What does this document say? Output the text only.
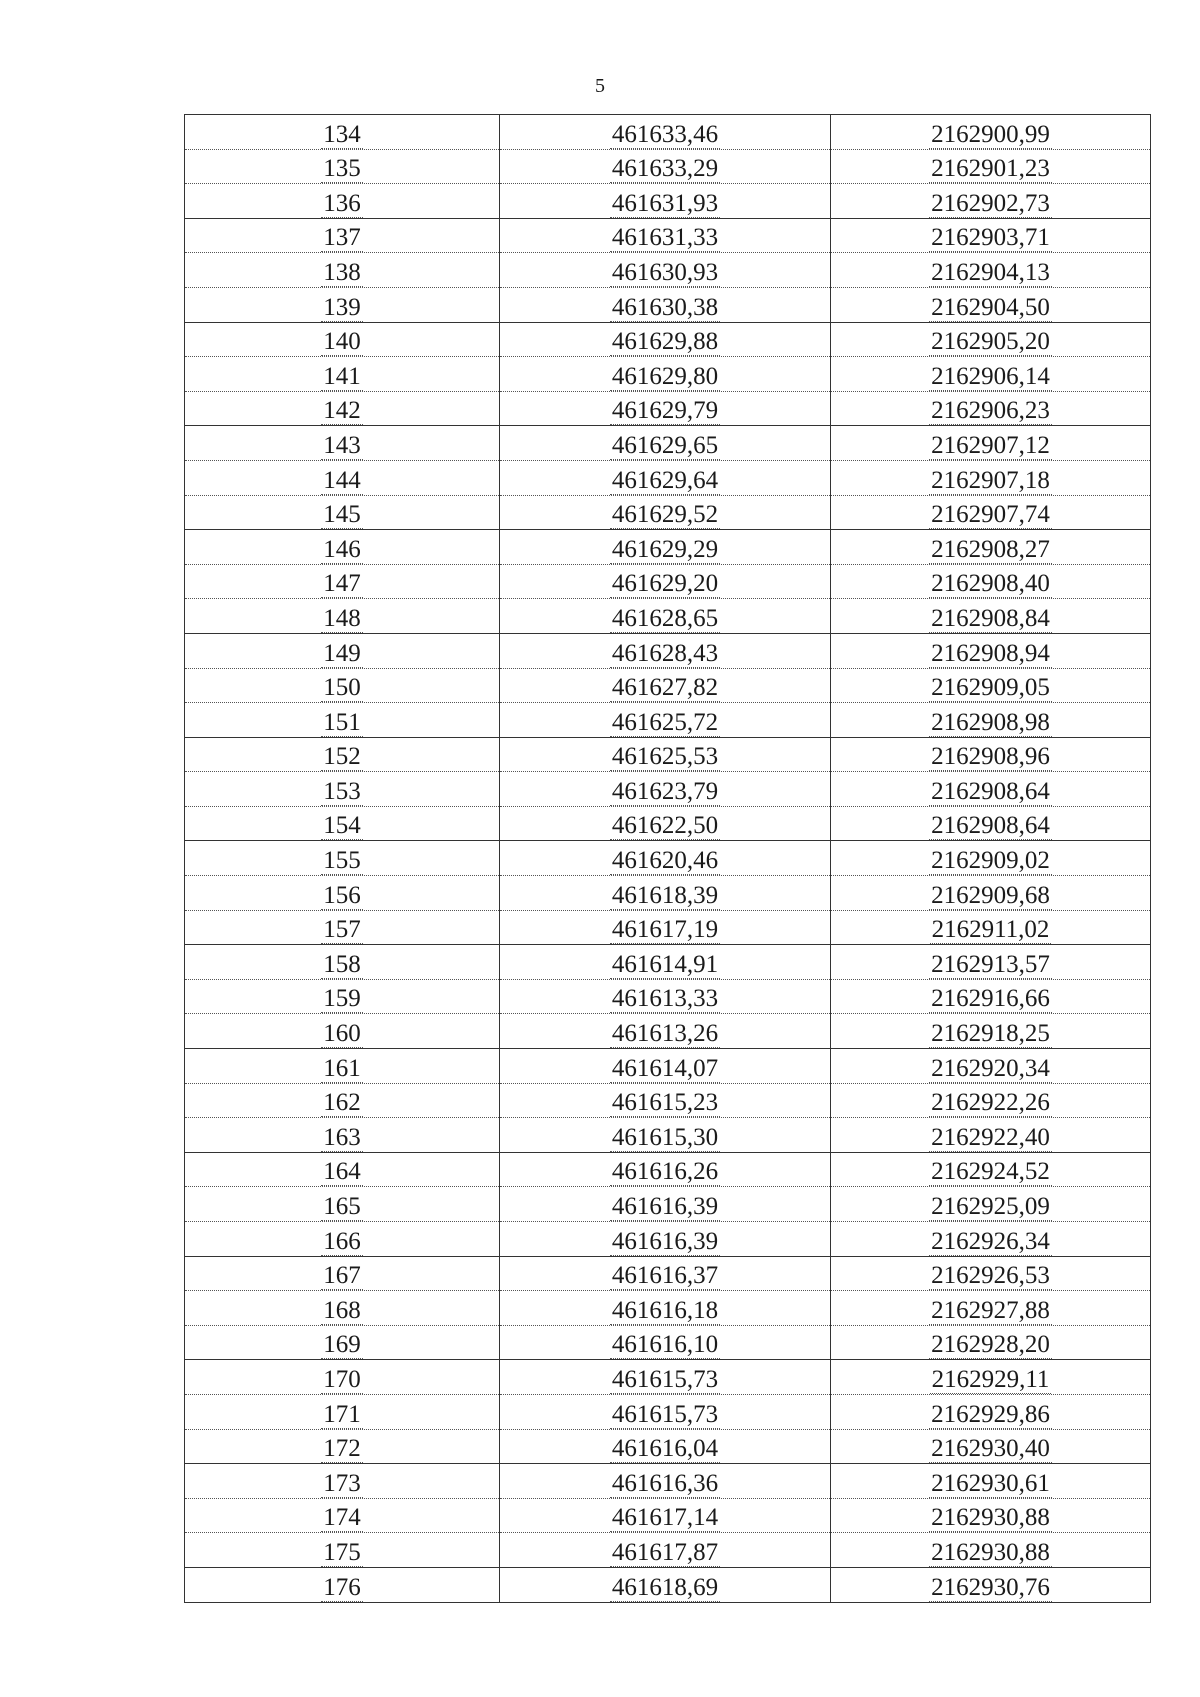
5
134	461633,46	2162900,99
135	461633,29	2162901,23
136	461631,93	2162902,73
137	461631,33	2162903,71
138	461630,93	2162904,13
139	461630,38	2162904,50
140	461629,88	2162905,20
141	461629,80	2162906,14
142	461629,79	2162906,23
143	461629,65	2162907,12
144	461629,64	2162907,18
145	461629,52	2162907,74
146	461629,29	2162908,27
147	461629,20	2162908,40
148	461628,65	2162908,84
149	461628,43	2162908,94
150	461627,82	2162909,05
151	461625,72	2162908,98
152	461625,53	2162908,96
153	461623,79	2162908,64
154	461622,50	2162908,64
155	461620,46	2162909,02
156	461618,39	2162909,68
157	461617,19	2162911,02
158	461614,91	2162913,57
159	461613,33	2162916,66
160	461613,26	2162918,25
161	461614,07	2162920,34
162	461615,23	2162922,26
163	461615,30	2162922,40
164	461616,26	2162924,52
165	461616,39	2162925,09
166	461616,39	2162926,34
167	461616,37	2162926,53
168	461616,18	2162927,88
169	461616,10	2162928,20
170	461615,73	2162929,11
171	461615,73	2162929,86
172	461616,04	2162930,40
173	461616,36	2162930,61
174	461617,14	2162930,88
175	461617,87	2162930,88
176	461618,69	2162930,76
